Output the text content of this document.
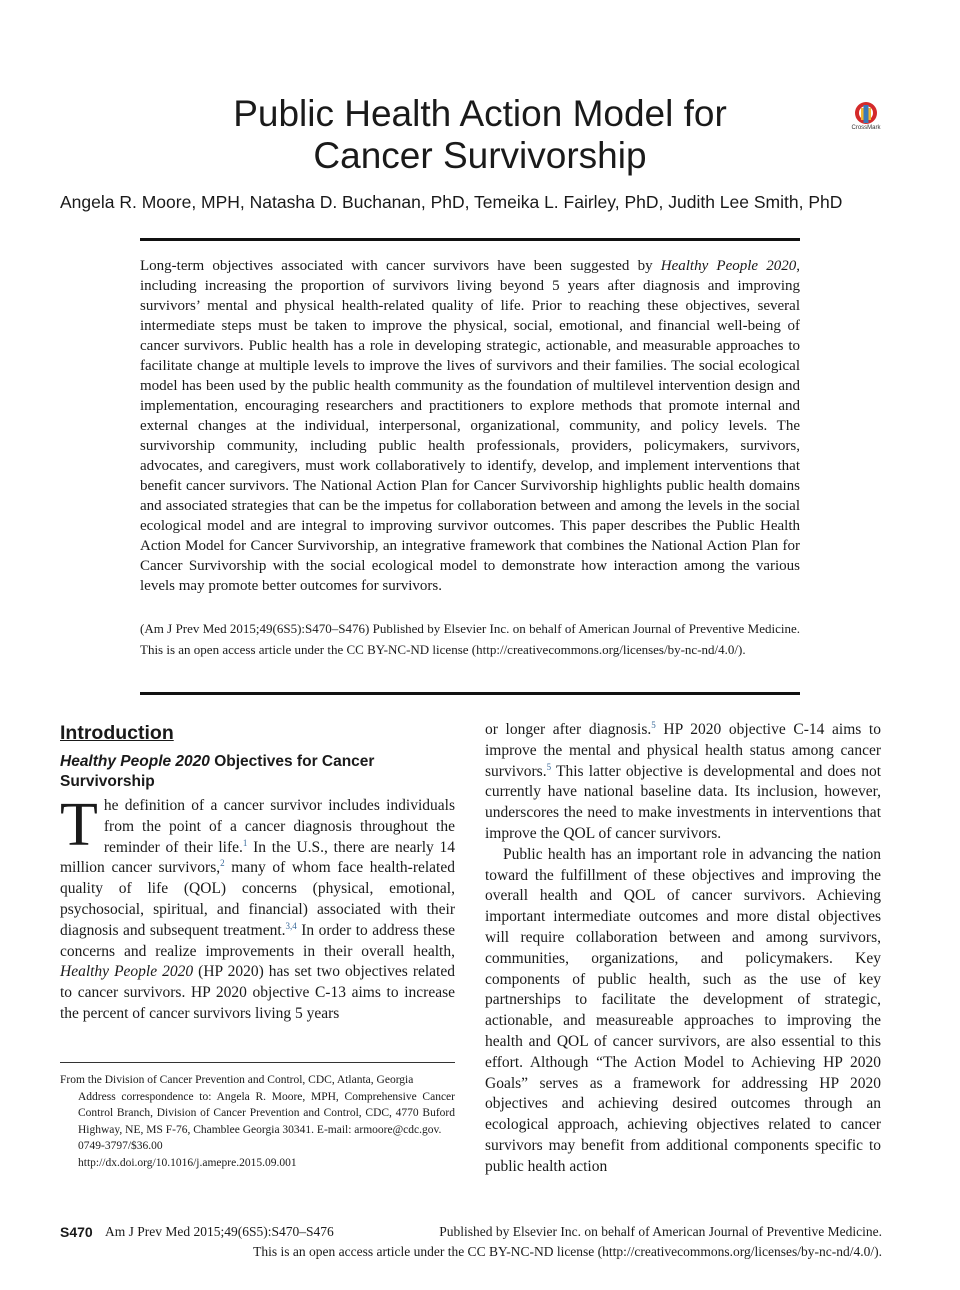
Public Health Action Model for
Cancer Survivorship
CrossMark
Angela R. Moore, MPH, Natasha D. Buchanan, PhD, Temeika L. Fairley, PhD, Judith Lee Smith, PhD

Long-term objectives associated with cancer survivors have been suggested by Healthy People 2020, including increasing the proportion of survivors living beyond 5 years after diagnosis and improving survivors’ mental and physical health-related quality of life. Prior to reaching these objectives, several intermediate steps must be taken to improve the physical, social, emotional, and financial well-being of cancer survivors. Public health has a role in developing strategic, actionable, and measurable approaches to facilitate change at multiple levels to improve the lives of survivors and their families. The social ecological model has been used by the public health community as the foundation of multilevel intervention design and implementation, encouraging researchers and practitioners to explore methods that promote internal and external changes at the individual, interpersonal, organizational, community, and policy levels. The survivorship community, including public health professionals, providers, policymakers, survivors, advocates, and caregivers, must work collaboratively to identify, develop, and implement interventions that benefit cancer survivors. The National Action Plan for Cancer Survivorship highlights public health domains and associated strategies that can be the impetus for collaboration between and among the levels in the social ecological model and are integral to improving survivor outcomes. This paper describes the Public Health Action Model for Cancer Survivorship, an integrative framework that combines the National Action Plan for Cancer Survivorship with the social ecological model to demonstrate how interaction among the various levels may promote better outcomes for survivors.

(Am J Prev Med 2015;49(6S5):S470–S476) Published by Elsevier Inc. on behalf of American Journal of Preventive Medicine. This is an open access article under the CC BY-NC-ND license (http://creativecommons.org/licenses/by-nc-nd/4.0/).
Introduction
Healthy People 2020 Objectives for Cancer Survivorship

The definition of a cancer survivor includes individuals from the point of a cancer diagnosis throughout the reminder of their life.$^1$ In the U.S., there are nearly 14 million cancer survivors,$^2$ many of whom face health-related quality of life (QOL) concerns (physical, emotional, psychosocial, spiritual, and financial) associated with their diagnosis and subsequent treatment.$^{3,4}$ In order to address these concerns and realize improvements in their overall health, Healthy People 2020 (HP 2020) has set two objectives related to cancer survivors. HP 2020 objective C-13 aims to increase the percent of cancer survivors living 5 years

From the Division of Cancer Prevention and Control, CDC, Atlanta, Georgia

Address correspondence to: Angela R. Moore, MPH, Comprehensive Cancer Control Branch, Division of Cancer Prevention and Control, CDC, 4770 Buford Highway, NE, MS F-76, Chamblee Georgia 30341. E-mail: armoore@cdc.gov.

0749-3797/$36.00

http://dx.doi.org/10.1016/j.amepre.2015.09.001

or longer after diagnosis.$^5$ HP 2020 objective C-14 aims to improve the mental and physical health status among cancer survivors.$^5$ This latter objective is developmental and does not currently have national baseline data. Its inclusion, however, underscores the need to make investments in interventions that improve the QOL of cancer survivors.

Public health has an important role in advancing the nation toward the fulfillment of these objectives and improving the overall health and QOL of cancer survivors. Achieving important intermediate outcomes and more distal objectives will require collaboration between and among survivors, communities, organizations, and policymakers. Key components of public health, such as the use of key partnerships to facilitate the development of strategic, actionable, and measureable approaches to improving the health and QOL of cancer survivors, are also essential to this effort. Although “The Action Model to Achieving HP 2020 Goals” serves as a framework for addressing HP 2020 objectives and achieving desired outcomes through an ecological approach, achieving objectives related to cancer survivors may benefit from additional components specific to public health action

S470 Am J Prev Med 2015;49(6S5):S470–S476	Published by Elsevier Inc. on behalf of American Journal of Preventive Medicine.
This is an open access article under the CC BY-NC-ND license (http://creativecommons.org/licenses/by-nc-nd/4.0/).
